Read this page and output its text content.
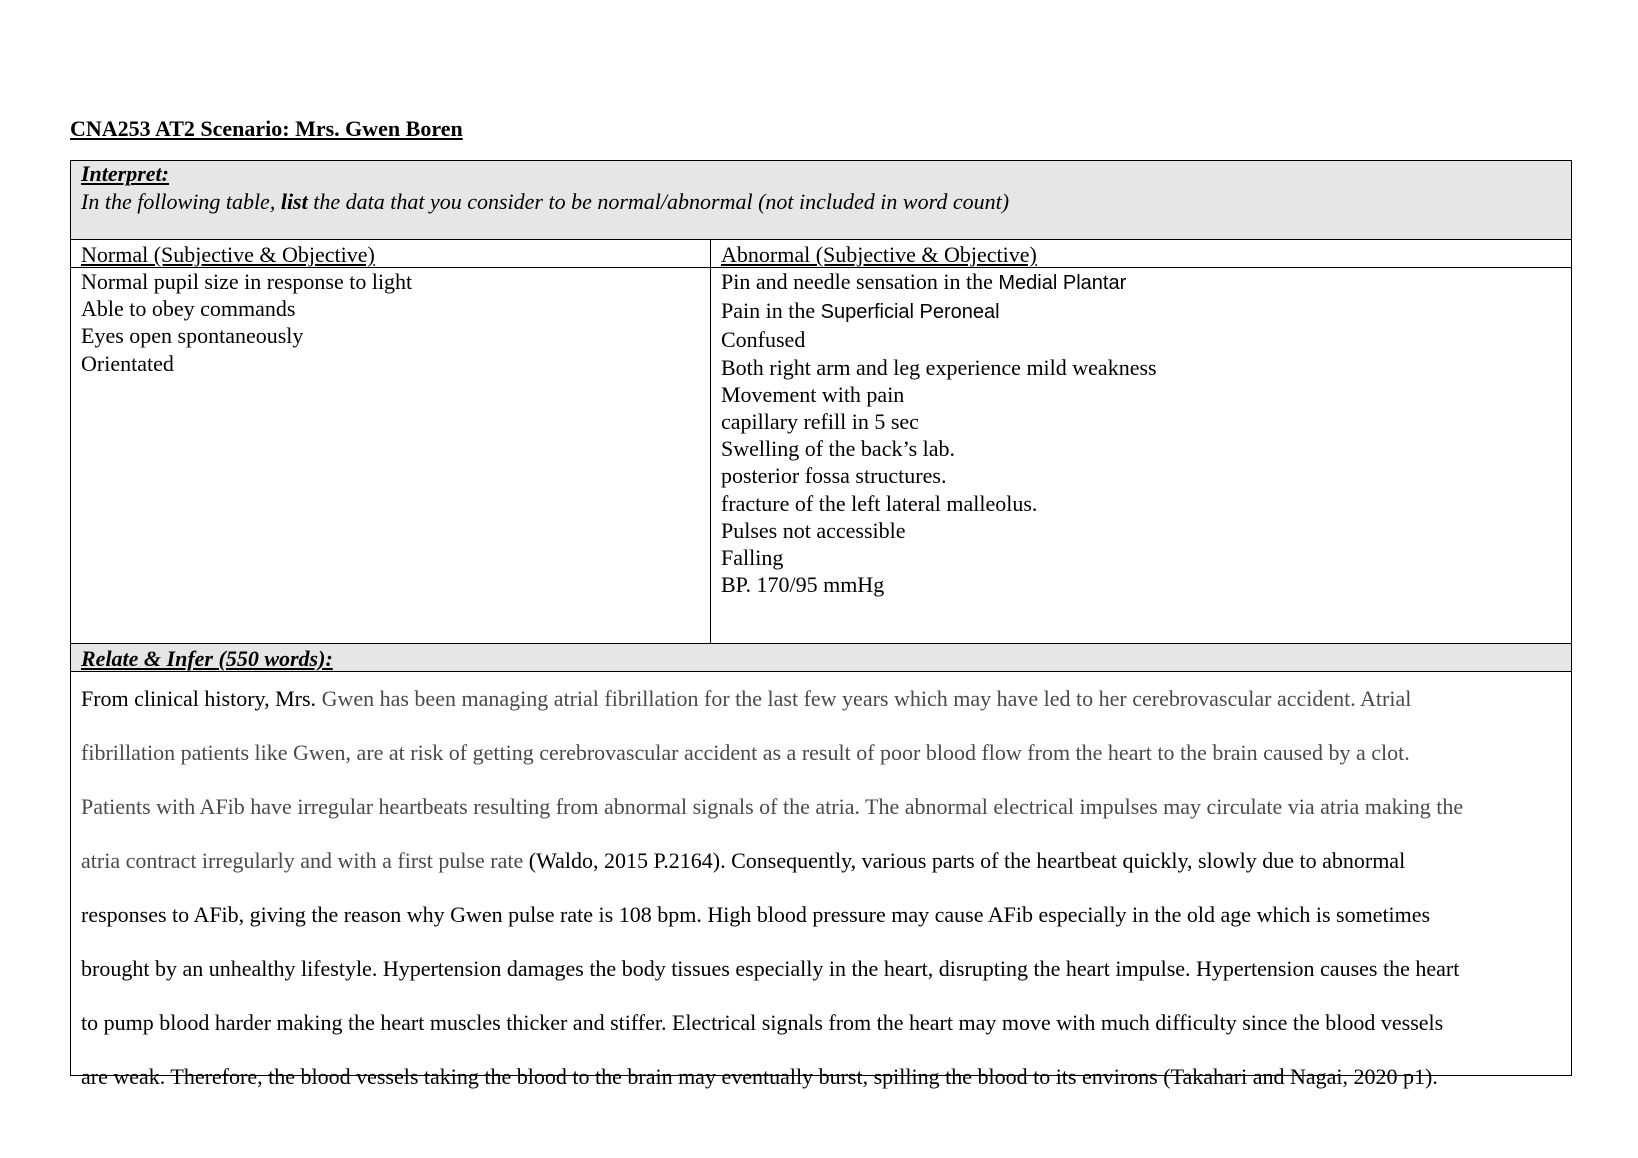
CNA253 AT2 Scenario: Mrs. Gwen Boren
Interpret:
In the following table, list the data that you consider to be normal/abnormal (not included in word count)
Normal (Subjective & Objective)	Abnormal (Subjective & Objective)
Normal pupil size in response to light
Able to obey commands
Eyes open spontaneously
Orientated
Pin and needle sensation in the Medial Plantar
Pain in the Superficial Peroneal
Confused
Both right arm and leg experience mild weakness
Movement with pain
capillary refill in 5 sec
Swelling of the back’s lab.
posterior fossa structures.
fracture of the left lateral malleolus.
Pulses not accessible
Falling
BP. 170/95 mmHg
Relate & Infer (550 words):
From clinical history, Mrs. Gwen has been managing atrial fibrillation for the last few years which may have led to her cerebrovascular accident. Atrial
fibrillation patients like Gwen, are at risk of getting cerebrovascular accident as a result of poor blood flow from the heart to the brain caused by a clot.
Patients with AFib have irregular heartbeats resulting from abnormal signals of the atria. The abnormal electrical impulses may circulate via atria making the
atria contract irregularly and with a first pulse rate (Waldo, 2015 P.2164). Consequently, various parts of the heartbeat quickly, slowly due to abnormal
responses to AFib, giving the reason why Gwen pulse rate is 108 bpm. High blood pressure may cause AFib especially in the old age which is sometimes
brought by an unhealthy lifestyle. Hypertension damages the body tissues especially in the heart, disrupting the heart impulse. Hypertension causes the heart
to pump blood harder making the heart muscles thicker and stiffer. Electrical signals from the heart may move with much difficulty since the blood vessels
are weak. Therefore, the blood vessels taking the blood to the brain may eventually burst, spilling the blood to its environs (Takahari and Nagai, 2020 p1).
